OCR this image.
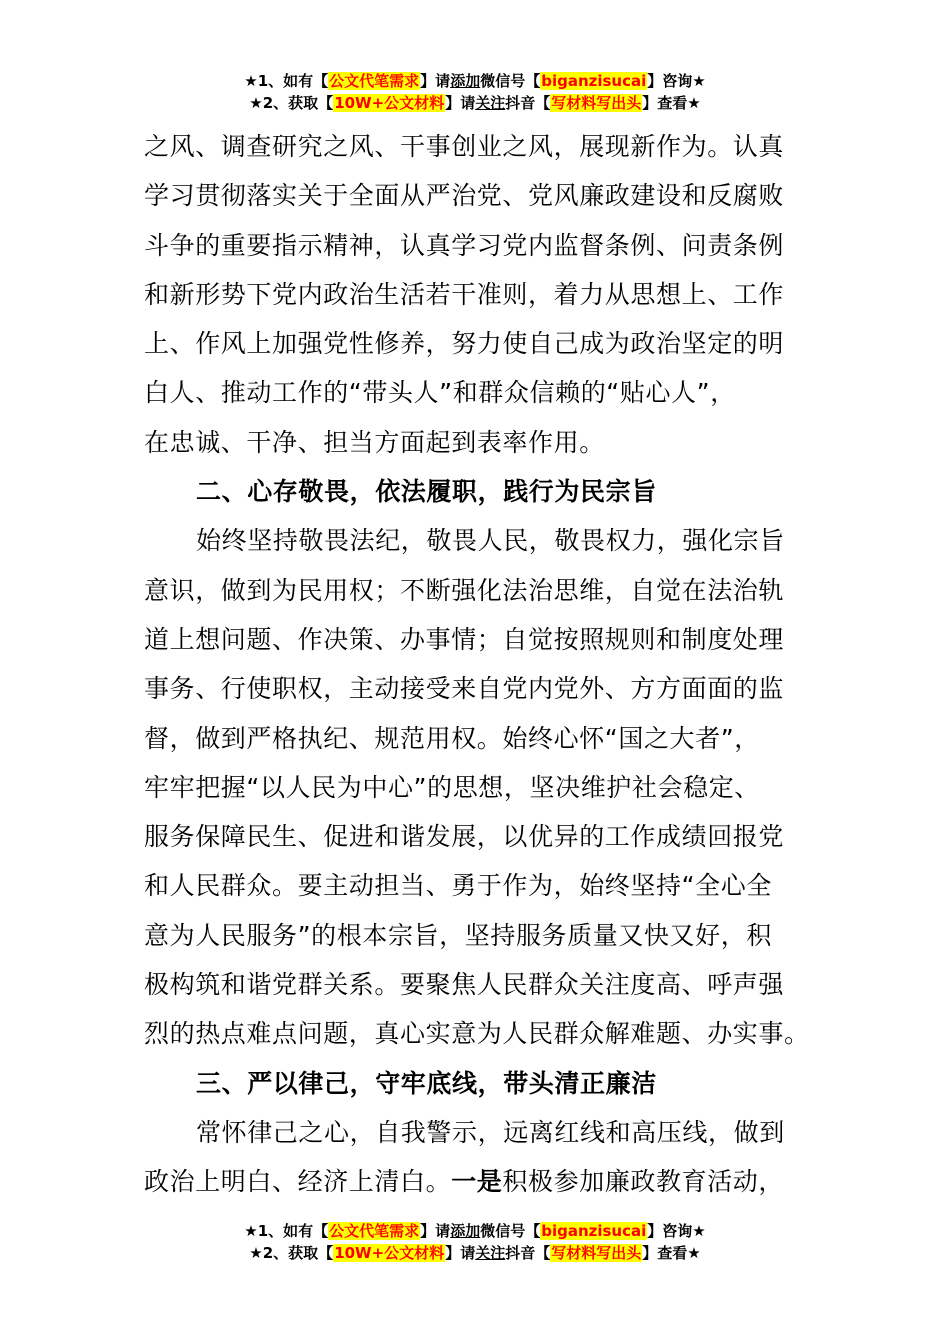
★1、如有【公文代笔需求】请添加微信号【biganzisucai】咨询★
★2、获取【10W+公文材料】请关注抖音【写材料写出头】查看★
之风、调查研究之风、干事创业之风，展现新作为。认真
学习贯彻落实关于全面从严治党、党风廉政建设和反腐败
斗争的重要指示精神，认真学习党内监督条例、问责条例
和新形势下党内政治生活若干准则，着力从思想上、工作
上、作风上加强党性修养，努力使自己成为政治坚定的明
白人、推动工作的“带头人”和群众信赖的“贴心人”，
在忠诚、干净、担当方面起到表率作用。
二、心存敬畏，依法履职，践行为民宗旨
始终坚持敬畏法纪，敬畏人民，敬畏权力，强化宗旨
意识，做到为民用权；不断强化法治思维，自觉在法治轨
道上想问题、作决策、办事情；自觉按照规则和制度处理
事务、行使职权，主动接受来自党内党外、方方面面的监
督，做到严格执纪、规范用权。始终心怀“国之大者”，
牢牢把握“以人民为中心”的思想，坚决维护社会稳定、
服务保障民生、促进和谐发展，以优异的工作成绩回报党
和人民群众。要主动担当、勇于作为，始终坚持“全心全
意为人民服务”的根本宗旨，坚持服务质量又快又好，积
极构筑和谐党群关系。要聚焦人民群众关注度高、呼声强
烈的热点难点问题，真心实意为人民群众解难题、办实事。
三、严以律己，守牢底线，带头清正廉洁
常怀律己之心，自我警示，远离红线和高压线，做到
政治上明白、经济上清白。一是积极参加廉政教育活动，
★1、如有【公文代笔需求】请添加微信号【biganzisucai】咨询★
★2、获取【10W+公文材料】请关注抖音【写材料写出头】查看★
